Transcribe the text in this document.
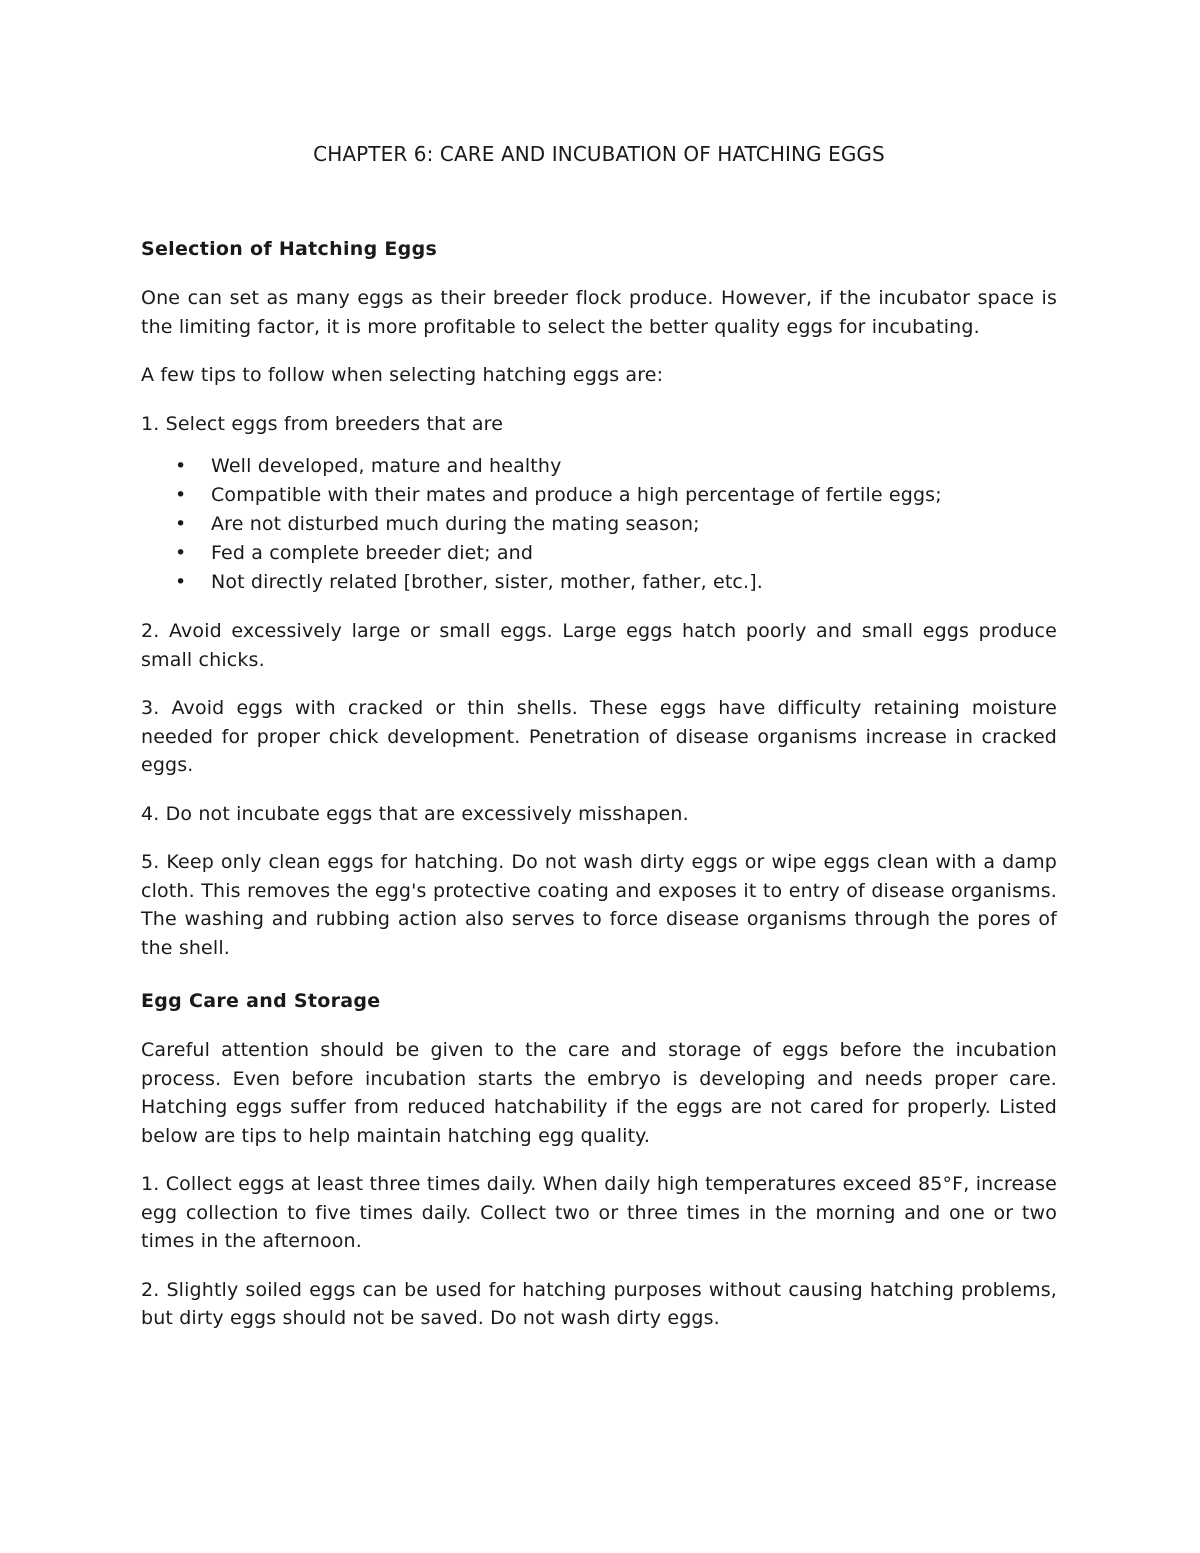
CHAPTER 6: CARE AND INCUBATION OF HATCHING EGGS
Selection of Hatching Eggs

One can set as many eggs as their breeder flock produce. However, if the incubator space is the limiting factor, it is more profitable to select the better quality eggs for incubating.

A few tips to follow when selecting hatching eggs are:

1. Select eggs from breeders that are

• Well developed, mature and healthy
• Compatible with their mates and produce a high percentage of fertile eggs;
• Are not disturbed much during the mating season;
• Fed a complete breeder diet; and
• Not directly related [brother, sister, mother, father, etc.].

2. Avoid excessively large or small eggs. Large eggs hatch poorly and small eggs produce small chicks.

3. Avoid eggs with cracked or thin shells. These eggs have difficulty retaining moisture needed for proper chick development. Penetration of disease organisms increase in cracked eggs.

4. Do not incubate eggs that are excessively misshapen.

5. Keep only clean eggs for hatching. Do not wash dirty eggs or wipe eggs clean with a damp cloth. This removes the egg's protective coating and exposes it to entry of disease organisms. The washing and rubbing action also serves to force disease organisms through the pores of the shell.

Egg Care and Storage

Careful attention should be given to the care and storage of eggs before the incubation process. Even before incubation starts the embryo is developing and needs proper care. Hatching eggs suffer from reduced hatchability if the eggs are not cared for properly. Listed below are tips to help maintain hatching egg quality.

1. Collect eggs at least three times daily. When daily high temperatures exceed 85°F, increase egg collection to five times daily. Collect two or three times in the morning and one or two times in the afternoon.

2. Slightly soiled eggs can be used for hatching purposes without causing hatching problems, but dirty eggs should not be saved. Do not wash dirty eggs.
